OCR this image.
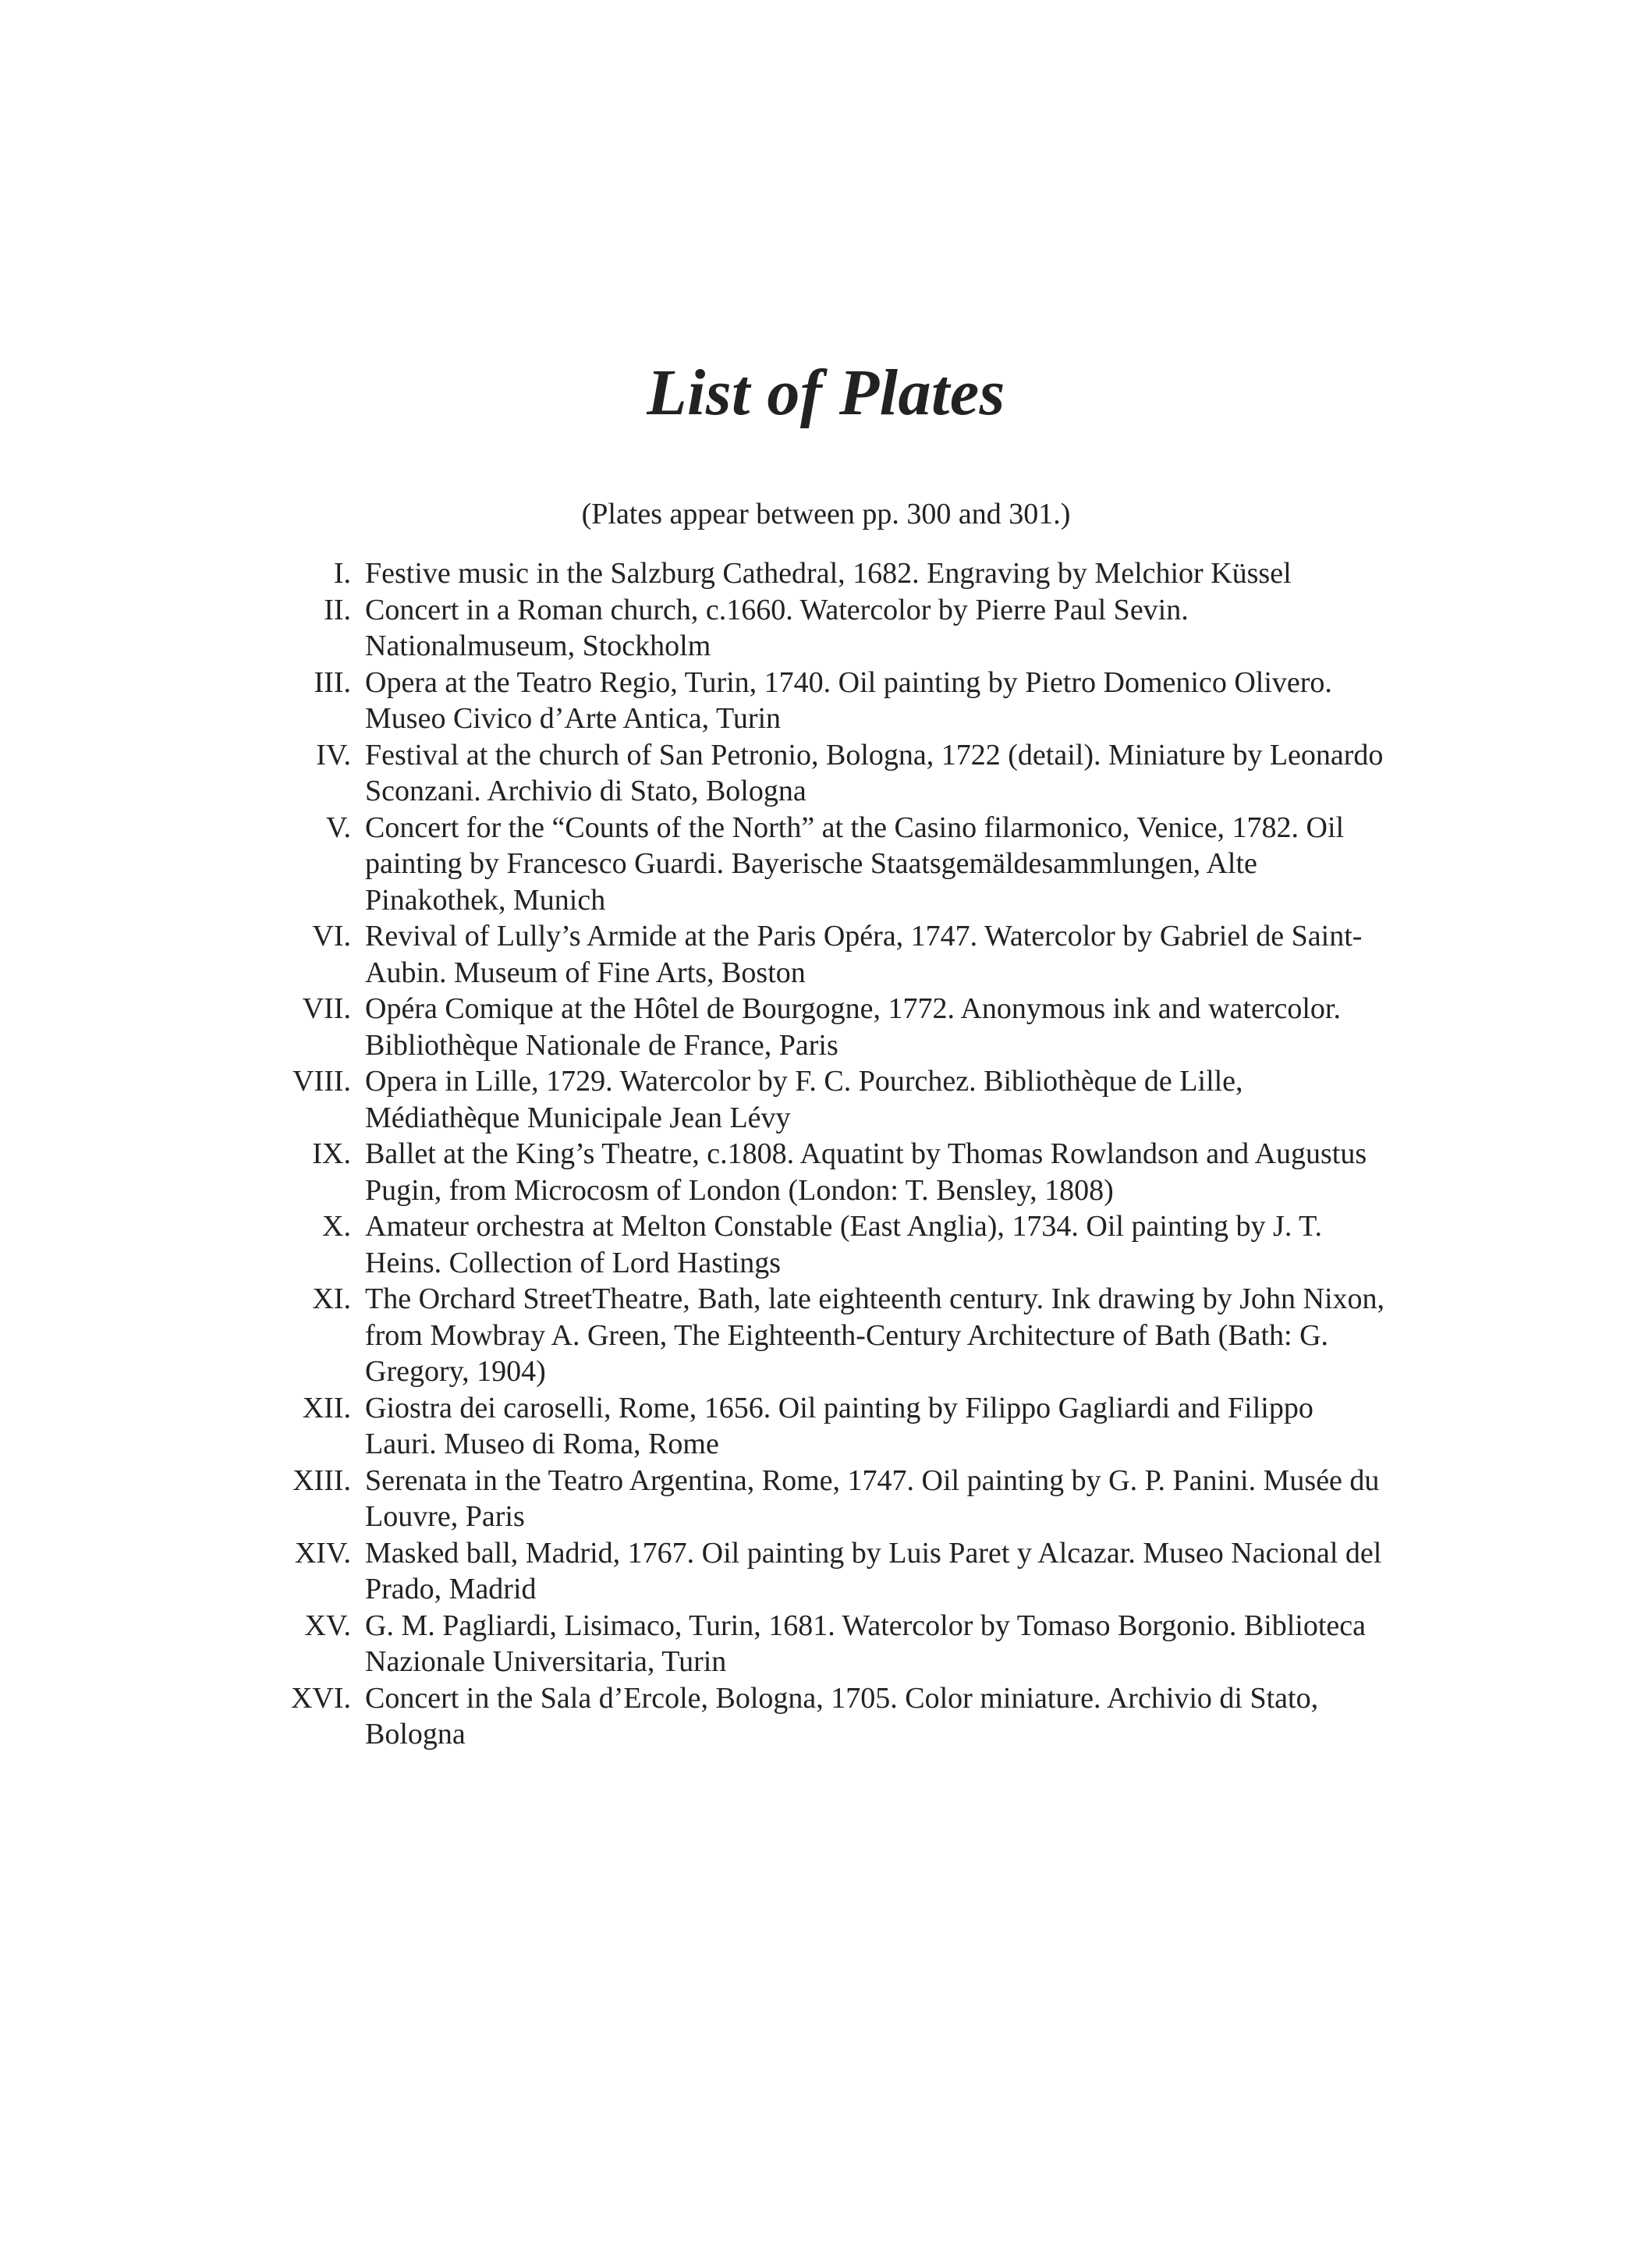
List of Plates
(Plates appear between pp. 300 and 301.)
I. Festive music in the Salzburg Cathedral, 1682. Engraving by Melchior Küssel
II. Concert in a Roman church, c.1660. Watercolor by Pierre Paul Sevin. Nationalmuseum, Stockholm
III. Opera at the Teatro Regio, Turin, 1740. Oil painting by Pietro Domenico Olivero. Museo Civico d’Arte Antica, Turin
IV. Festival at the church of San Petronio, Bologna, 1722 (detail). Miniature by Leonardo Sconzani. Archivio di Stato, Bologna
V. Concert for the “Counts of the North” at the Casino filarmonico, Venice, 1782. Oil painting by Francesco Guardi. Bayerische Staatsgemäldesammlungen, Alte Pinakothek, Munich
VI. Revival of Lully’s Armide at the Paris Opéra, 1747. Watercolor by Gabriel de Saint-Aubin. Museum of Fine Arts, Boston
VII. Opéra Comique at the Hôtel de Bourgogne, 1772. Anonymous ink and watercolor. Bibliothèque Nationale de France, Paris
VIII. Opera in Lille, 1729. Watercolor by F. C. Pourchez. Bibliothèque de Lille, Médiathèque Municipale Jean Lévy
IX. Ballet at the King’s Theatre, c.1808. Aquatint by Thomas Rowlandson and Augustus Pugin, from Microcosm of London (London: T. Bensley, 1808)
X. Amateur orchestra at Melton Constable (East Anglia), 1734. Oil painting by J. T. Heins. Collection of Lord Hastings
XI. The Orchard StreetTheatre, Bath, late eighteenth century. Ink drawing by John Nixon, from Mowbray A. Green, The Eighteenth-Century Architecture of Bath (Bath: G. Gregory, 1904)
XII. Giostra dei caroselli, Rome, 1656. Oil painting by Filippo Gagliardi and Filippo Lauri. Museo di Roma, Rome
XIII. Serenata in the Teatro Argentina, Rome, 1747. Oil painting by G. P. Panini. Musée du Louvre, Paris
XIV. Masked ball, Madrid, 1767. Oil painting by Luis Paret y Alcazar. Museo Nacional del Prado, Madrid
XV. G. M. Pagliardi, Lisimaco, Turin, 1681. Watercolor by Tomaso Borgonio. Biblioteca Nazionale Universitaria, Turin
XVI. Concert in the Sala d’Ercole, Bologna, 1705. Color miniature. Archivio di Stato, Bologna
